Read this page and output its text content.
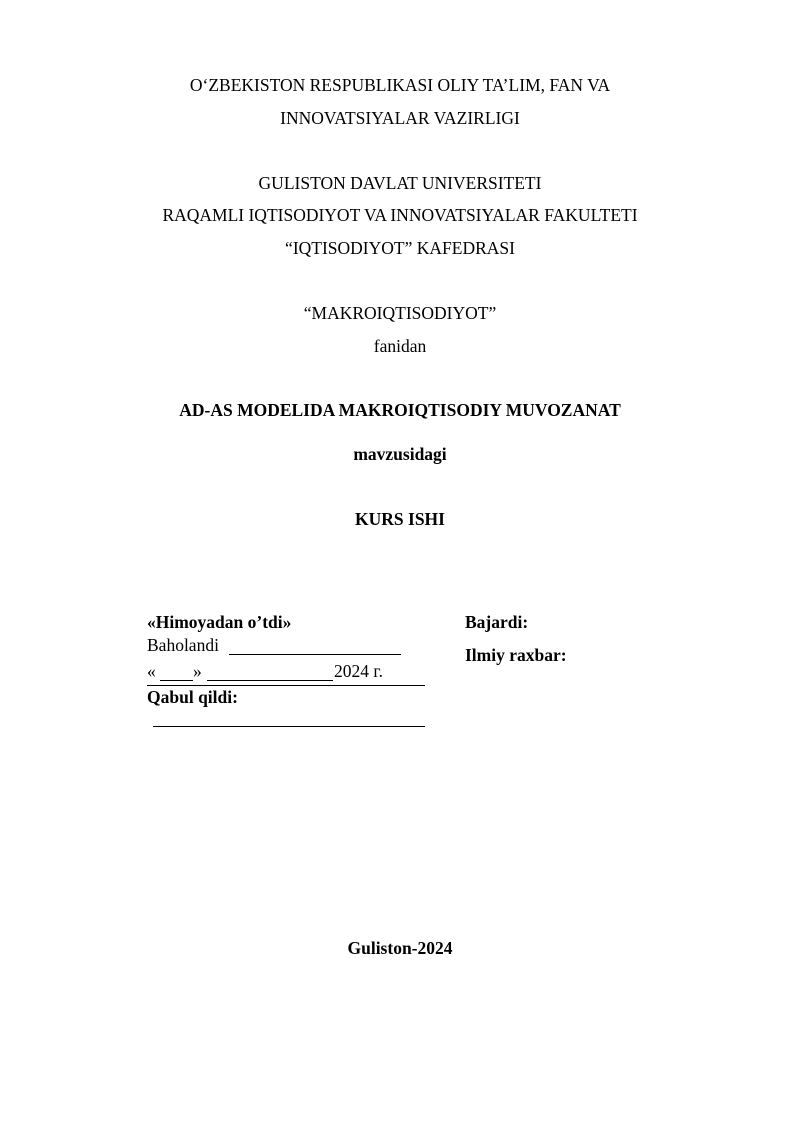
O‘ZBEKISTON RESPUBLIKASI OLIY TA’LIM, FAN VA
INNOVATSIYALAR VAZIRLIGI
GULISTON DAVLAT UNIVERSITETI
RAQAMLI IQTISODIYOT VA INNOVATSIYALAR FAKULTETI
“IQTISODIYOT” KAFEDRASI
“MAKROIQTISODIYOT”
fanidan
AD-AS MODELIDA MAKROIQTISODIY MUVOZANAT
mavzusidagi
KURS ISHI
«Himoyadan o’tdi»
Baholandi
« »	2024 г.
Qabul qildi:
Bajardi:
Ilmiy raxbar:
Guliston-2024
